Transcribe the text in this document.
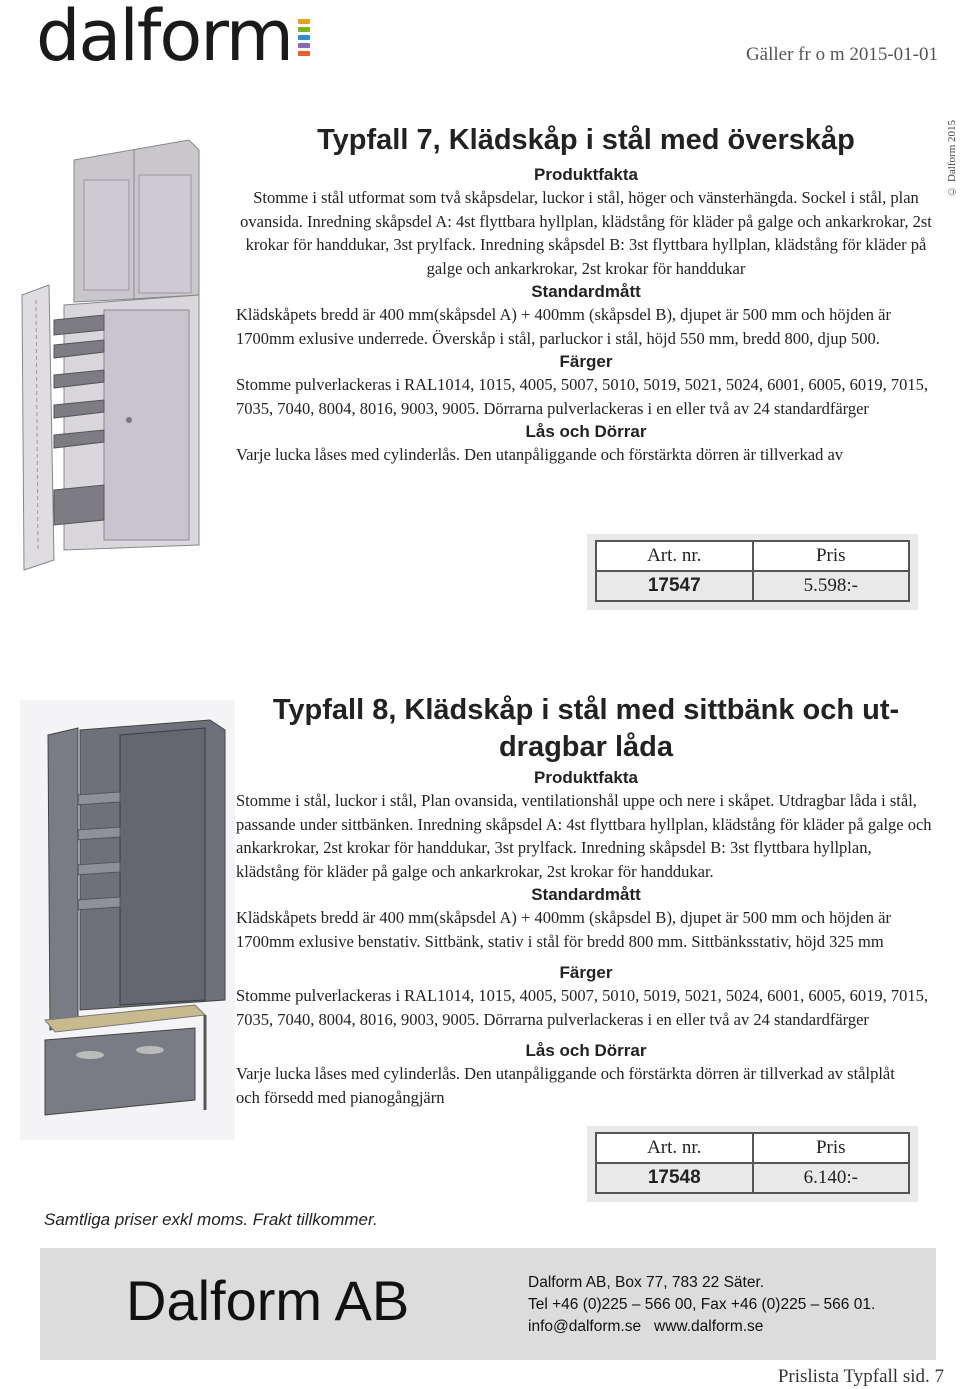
dalform	Gäller fr o m 2015-01-01
© Dalform 2015
Typfall 7, Klädskåp i stål med överskåp

Produktfakta

Stomme i stål utformat som två skåpsdelar, luckor i stål, höger och vänsterhängda. Sockel i stål, plan ovansida. Inredning skåpsdel A: 4st flyttbara hyllplan, klädstång för kläder på galge och ankarkrokar, 2st krokar för handdukar, 3st prylfack. Inredning skåpsdel B: 3st flyttbara hyllplan, klädstång för kläder på galge och ankarkrokar, 2st krokar för handdukar

Standardmått

Klädskåpets bredd är 400 mm(skåpsdel A) + 400mm (skåpsdel B), djupet är 500 mm och höjden är 1700mm exlusive underrede. Överskåp i stål, parluckor i stål, höjd 550 mm, bredd 800, djup 500.

Färger

Stomme pulverlackeras i RAL1014, 1015, 4005, 5007, 5010, 5019, 5021, 5024, 6001, 6005, 6019, 7015, 7035, 7040, 8004, 8016, 9003, 9005. Dörrarna pulverlackeras i en eller två av 24 standardfärger

Lås och Dörrar

Varje lucka låses med cylinderlås. Den utanpåliggande och förstärkta dörren är tillverkad av

Art. nr.	Pris
17547	5.598:-
Typfall 8, Klädskåp i stål med sittbänk och ut-
dragbar låda

Produktfakta

Stomme i stål, luckor i stål, Plan ovansida, ventilationshål uppe och nere i skåpet. Utdragbar låda i stål, passande under sittbänken. Inredning skåpsdel A: 4st flyttbara hyllplan, klädstång för kläder på galge och ankarkrokar, 2st krokar för handdukar, 3st prylfack. Inredning skåpsdel B: 3st flyttbara hyllplan, klädstång för kläder på galge och ankarkrokar, 2st krokar för handdukar.

Standardmått

Klädskåpets bredd är 400 mm(skåpsdel A) + 400mm (skåpsdel B), djupet är 500 mm och höjden är 1700mm exlusive benstativ. Sittbänk, stativ i stål för bredd 800 mm. Sittbänksstativ, höjd 325 mm

Färger

Stomme pulverlackeras i RAL1014, 1015, 4005, 5007, 5010, 5019, 5021, 5024, 6001, 6005, 6019, 7015, 7035, 7040, 8004, 8016, 9003, 9005. Dörrarna pulverlackeras i en eller två av 24 standardfärger

Lås och Dörrar

Varje lucka låses med cylinderlås. Den utanpåliggande och förstärkta dörren är tillverkad av stålplåt och försedd med pianogångjärn

Art. nr.	Pris
17548	6.140:-
Samtliga priser exkl moms. Frakt tillkommer.
Dalform AB	Dalform AB, Box 77, 783 22 Säter.
Tel +46 (0)225 – 566 00, Fax +46 (0)225 – 566 01.
info@dalform.se www.dalform.se
Prislista Typfall sid. 7
